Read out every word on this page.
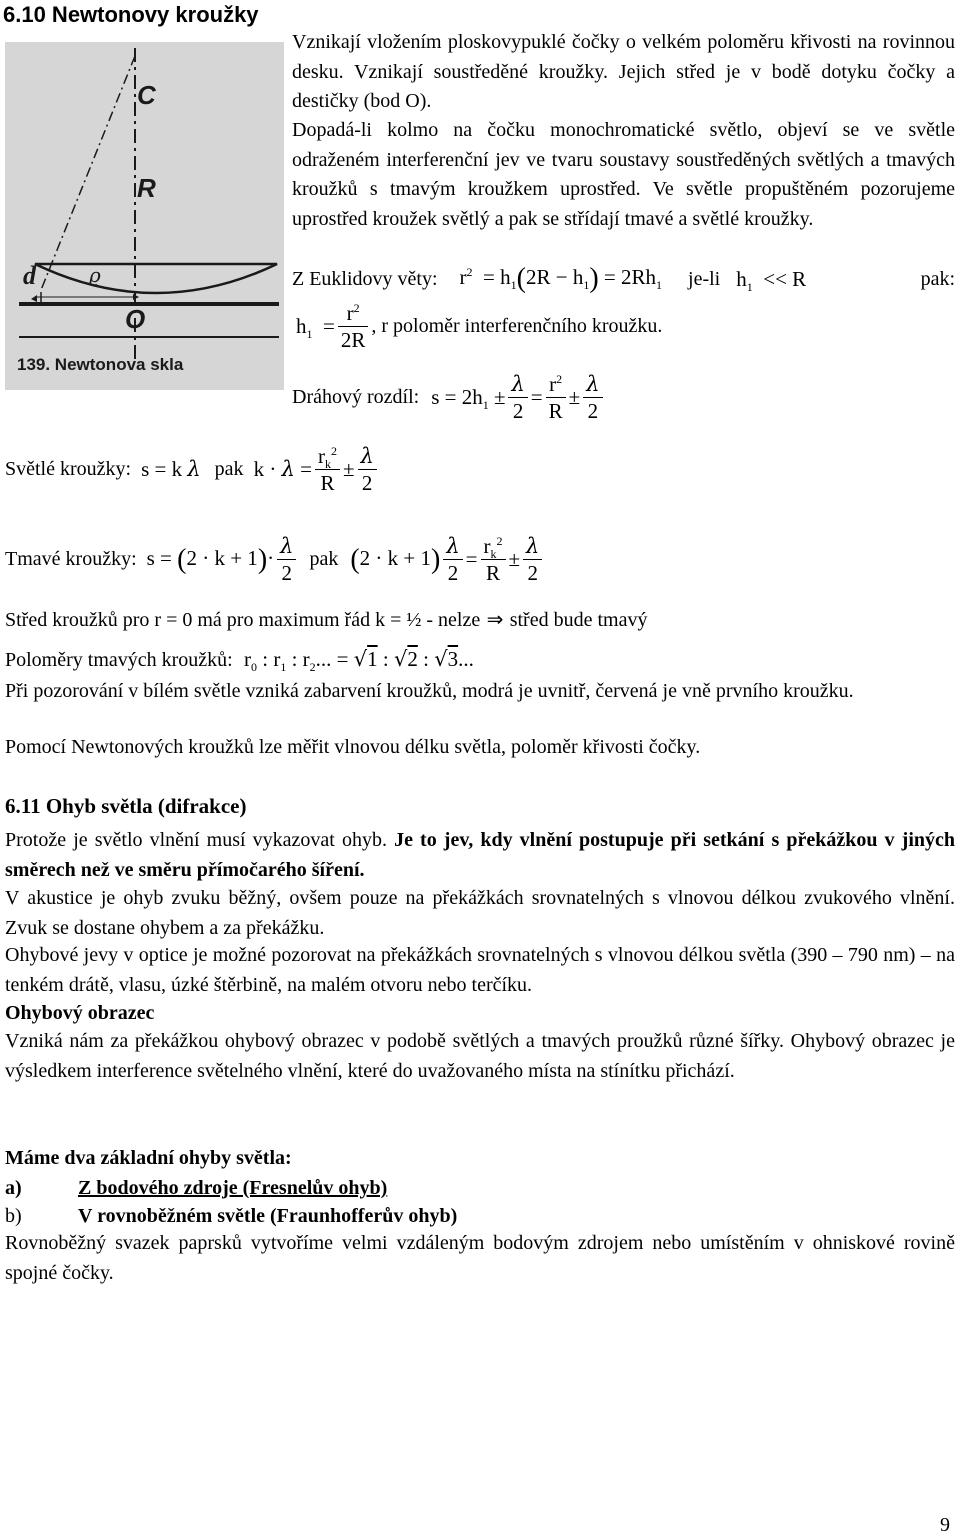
6.10 Newtonovy kroužky
C
R
d	ϱ
O
139. Newtonova skla
Vznikají vložením ploskovypuklé čočky o velkém poloměru křivosti na rovinnou desku. Vznikají soustředěné kroužky. Jejich střed je v bodě dotyku čočky a destičky (bod O).
Dopadá-li kolmo na čočku monochromatické světlo, objeví se ve světle odraženém interferenční jev ve tvaru soustavy soustředěných světlých a tmavých kroužků s tmavým kroužkem uprostřed. Ve světle propuštěném pozorujeme uprostřed kroužek světlý a pak se střídají tmavé a světlé kroužky.
Z Euklidovy věty: $r^2 = h_1(2R - h_1) = 2Rh_1$ je-li $h_1 << R$	pak:
$h_1 = \frac{r^2}{2R}$ , r poloměr interferenčního kroužku.
Dráhový rozdíl: $s = 2h_1 \pm \frac{\lambda}{2} = \frac{r^2}{R} \pm \frac{\lambda}{2}$
Světlé kroužky: s = k λ pak $k \cdot \lambda = \frac{r_k^2}{R} \pm \frac{\lambda}{2}$
Tmavé kroužky: $s = (2 \cdot k + 1)\cdot \frac{\lambda}{2}$ pak $(2 \cdot k + 1) \frac{\lambda}{2} = \frac{r_k^2}{R} \pm \frac{\lambda}{2}$
Střed kroužků pro r = 0 má pro maximum řád k = ½ - nelze ⇒ střed bude tmavý
Poloměry tmavých kroužků: $r_0$ : $r_1$ : $r_2$... = √1 : √2 : √3...
Při pozorování v bílém světle vzniká zabarvení kroužků, modrá je uvnitř, červená je vně prvního kroužku.
Pomocí Newtonových kroužků lze měřit vlnovou délku světla, poloměr křivosti čočky.
6.11 Ohyb světla (difrakce)
Protože je světlo vlnění musí vykazovat ohyb. Je to jev, kdy vlnění postupuje při setkání s překážkou v jiných směrech než ve směru přímočarého šíření.
V akustice je ohyb zvuku běžný, ovšem pouze na překážkách srovnatelných s vlnovou délkou zvukového vlnění. Zvuk se dostane ohybem a za překážku.
Ohybové jevy v optice je možné pozorovat na překážkách srovnatelných s vlnovou délkou světla (390 – 790 nm) – na tenkém drátě, vlasu, úzké štěrbině, na malém otvoru nebo terčíku.
Ohybový obrazec
Vzniká nám za překážkou ohybový obrazec v podobě světlých a tmavých proužků různé šířky. Ohybový obrazec je výsledkem interference světelného vlnění, které do uvažovaného místa na stínítku přichází.
Máme dva základní ohyby světla:
a)	Z bodového zdroje (Fresnelův ohyb)
b)	V rovnoběžném světle (Fraunhofferův ohyb)
Rovnoběžný svazek paprsků vytvoříme velmi vzdáleným bodovým zdrojem nebo umístěním v ohniskové rovině spojné čočky.
9
